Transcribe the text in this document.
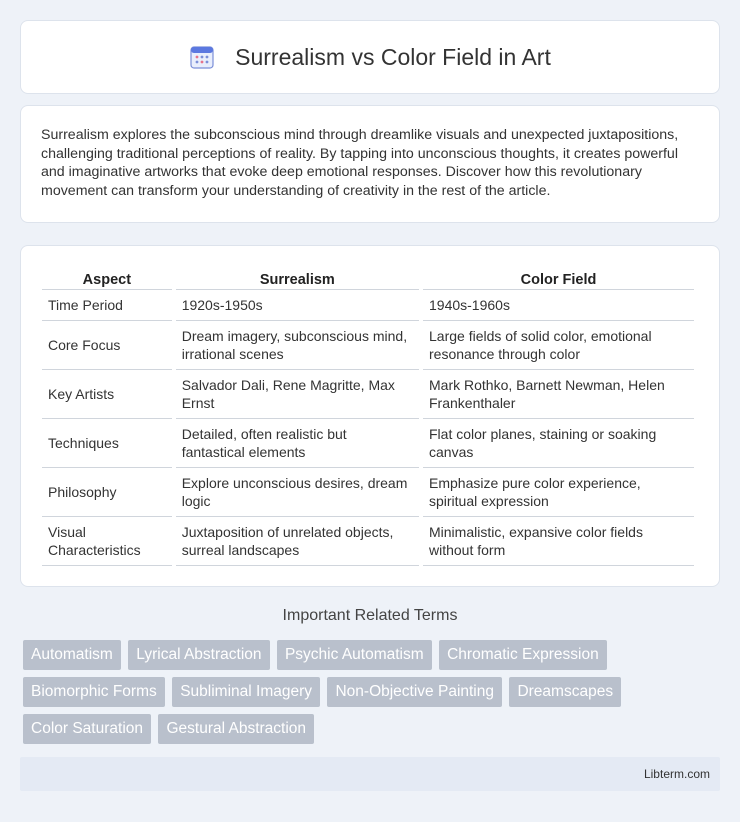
Surrealism vs Color Field in Art

Surrealism explores the subconscious mind through dreamlike visuals and unexpected juxtapositions, challenging traditional perceptions of reality. By tapping into unconscious thoughts, it creates powerful and imaginative artworks that evoke deep emotional responses. Discover how this revolutionary movement can transform your understanding of creativity in the rest of the article.

Aspect	Surrealism	Color Field
Time Period	1920s-1950s	1940s-1960s
Core Focus	Dream imagery, subconscious mind, irrational scenes	Large fields of solid color, emotional resonance through color
Key Artists	Salvador Dali, Rene Magritte, Max Ernst	Mark Rothko, Barnett Newman, Helen Frankenthaler
Techniques	Detailed, often realistic but fantastical elements	Flat color planes, staining or soaking canvas
Philosophy	Explore unconscious desires, dream logic	Emphasize pure color experience, spiritual expression
Visual Characteristics	Juxtaposition of unrelated objects, surreal landscapes	Minimalistic, expansive color fields without form
Important Related Terms
Automatism Lyrical Abstraction Psychic Automatism Chromatic Expression Biomorphic Forms Subliminal Imagery Non-Objective Painting Dreamscapes Color Saturation Gestural Abstraction
Libterm.com
